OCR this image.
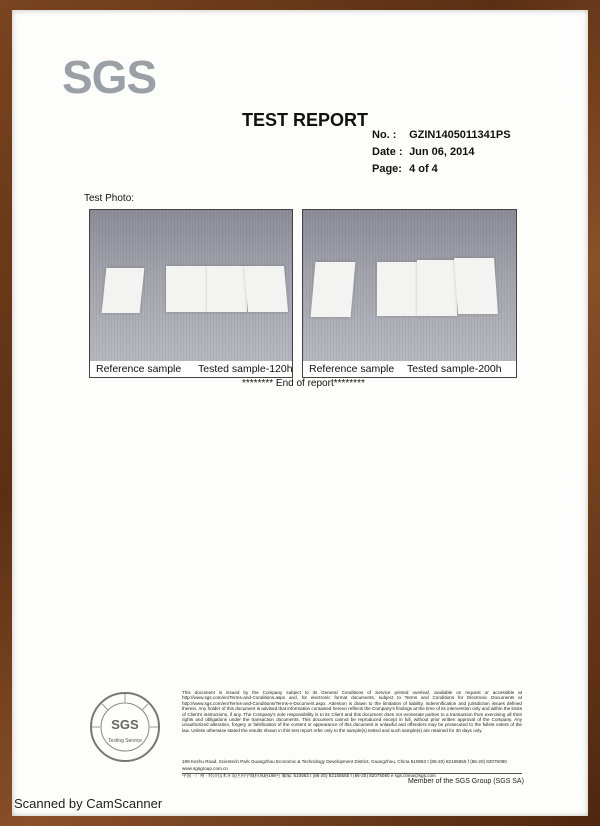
SGS
TEST REPORT
No. : GZIN1405011341PS
Date : Jun 06, 2014
Page: 4 of 4
Test Photo:
Reference sample Tested sample-120h Reference sample Tested sample-200h
******** End of report********
SGS
Testing Service
This document is issued by the Company subject to its General Conditions of Service printed overleaf, available on request or accessible at http://www.sgs.com/en/Terms-and-Conditions.aspx and, for electronic format documents, subject to Terms and Conditions for Electronic Documents at http://www.sgs.com/en/Terms-and-Conditions/Terms-e-Document.aspx. Attention is drawn to the limitation of liability, indemnification and jurisdiction issues defined therein. Any holder of this document is advised that information contained hereon reflects the Company's findings at the time of its intervention only and within the limits of Client's instructions, if any. The Company's sole responsibility is to its Client and this document does not exonerate parties to a transaction from exercising all their rights and obligations under the transaction documents. This document cannot be reproduced except in full, without prior written approval of the Company. Any unauthorized alteration, forgery or falsification of the content or appearance of this document is unlawful and offenders may be prosecuted to the fullest extent of the law. Unless otherwise stated the results shown in this test report refer only to the sample(s) tested and such sample(s) are retained for 30 days only.
198 Kezhu Road, Scientech Park Guangzhou Economic & Technology Development District, Guangzhou, China 510663 t (86-20) 82155555 f (86-20) 82075080 www.sgsgroup.com.cn
中国 · 广州 · 经济技术开发区科学城科珠路198号 邮编: 510663 t (86-20) 82155555 f (86-20) 82075080 e sgs.china@sgs.com
Member of the SGS Group (SGS SA)
Scanned by CamScanner
